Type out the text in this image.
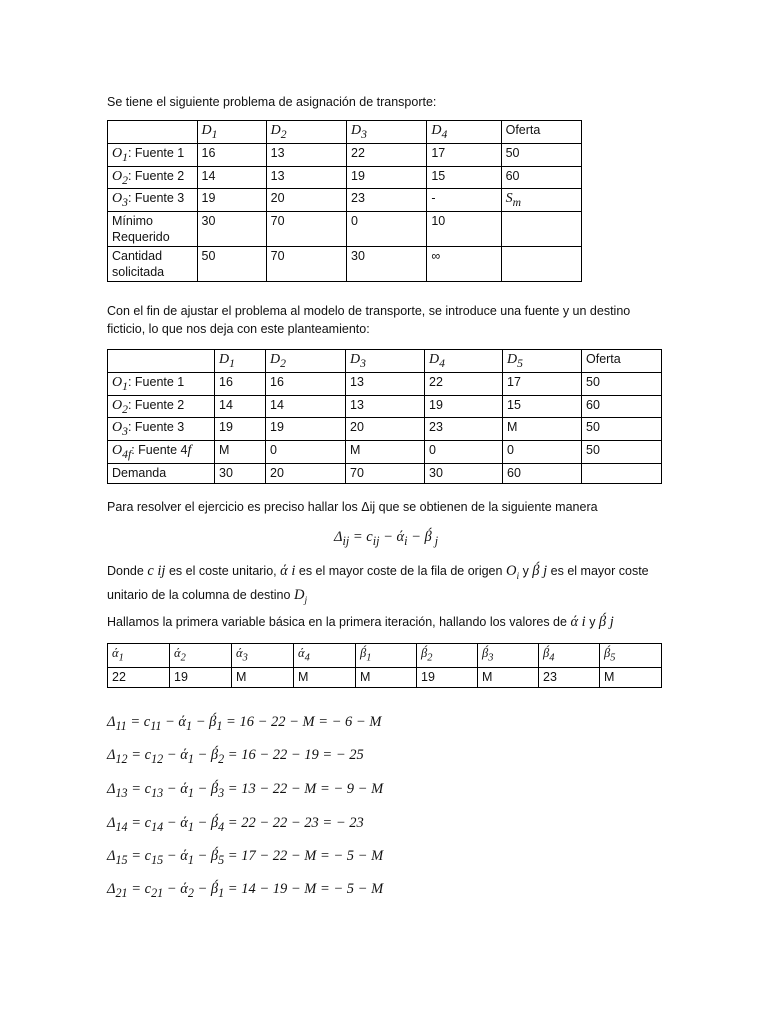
Se tiene el siguiente problema de asignación de transporte:
	$D_1$	$D_2$	$D_3$	$D_4$	Oferta
$O_1$: Fuente 1	16	13	22	17	50
$O_2$: Fuente 2	14	13	19	15	60
$O_3$: Fuente 3	19	20	23	-	$S_m$
Mínimo Requerido	30	70	0	10	
Cantidad solicitada	50	70	30	∞	
Con el fin de ajustar el problema al modelo de transporte, se introduce una fuente y un destino ficticio, lo que nos deja con este planteamiento:
	$D_1$	$D_2$	$D_3$	$D_4$	$D_5$	Oferta
$O_1$: Fuente 1	16	16	13	22	17	50
$O_2$: Fuente 2	14	14	13	19	15	60
$O_3$: Fuente 3	19	19	20	23	M	50
$O_{4f}$: Fuente 4f	M	0	M	0	0	50
Demanda	30	20	70	30	60	
Para resolver el ejercicio es preciso hallar los Δij que se obtienen de la siguiente manera
$\Delta_{ij} = c_{ij} - ά_i$ − β́ $_j$
Donde c ij es el coste unitario, ά i es el mayor coste de la fila de origen $O_i$ y β́ j es el mayor coste
unitario de la columna de destino $D_j$
Hallamos la primera variable básica en la primera iteración, hallando los valores de ά i y β́ j
$ά_1$	$ά_2$	$ά_3$	$ά_4$	$\betá_1$	$\betá_2$	$\betá_3$	$\betá_4$	$\betá_5$
22	19	M	M	M	19	M	23	M
$\Delta_{11} = c_{11} - ά_1$ − $\betá_1 = 16 - 22 - M$ = − 6 − M
$\Delta_{12} = c_{12} - ά_1$ − $\betá_2 = 16 - 22 - 19$ = − 25
$\Delta_{13} = c_{13} - ά_1$ − $\betá_3 = 13 - 22 - M$ = − 9 − M
$\Delta_{14} = c_{14} - ά_1$ − $\betá_4 = 22 - 22 - 23$ = − 23
$\Delta_{15} = c_{15} - ά_1$ − $\betá_5 = 17 - 22 - M$ = − 5 − M
$\Delta_{21} = c_{21} - ά_2$ − $\betá_1 = 14 - 19 - M$ = − 5 − M
